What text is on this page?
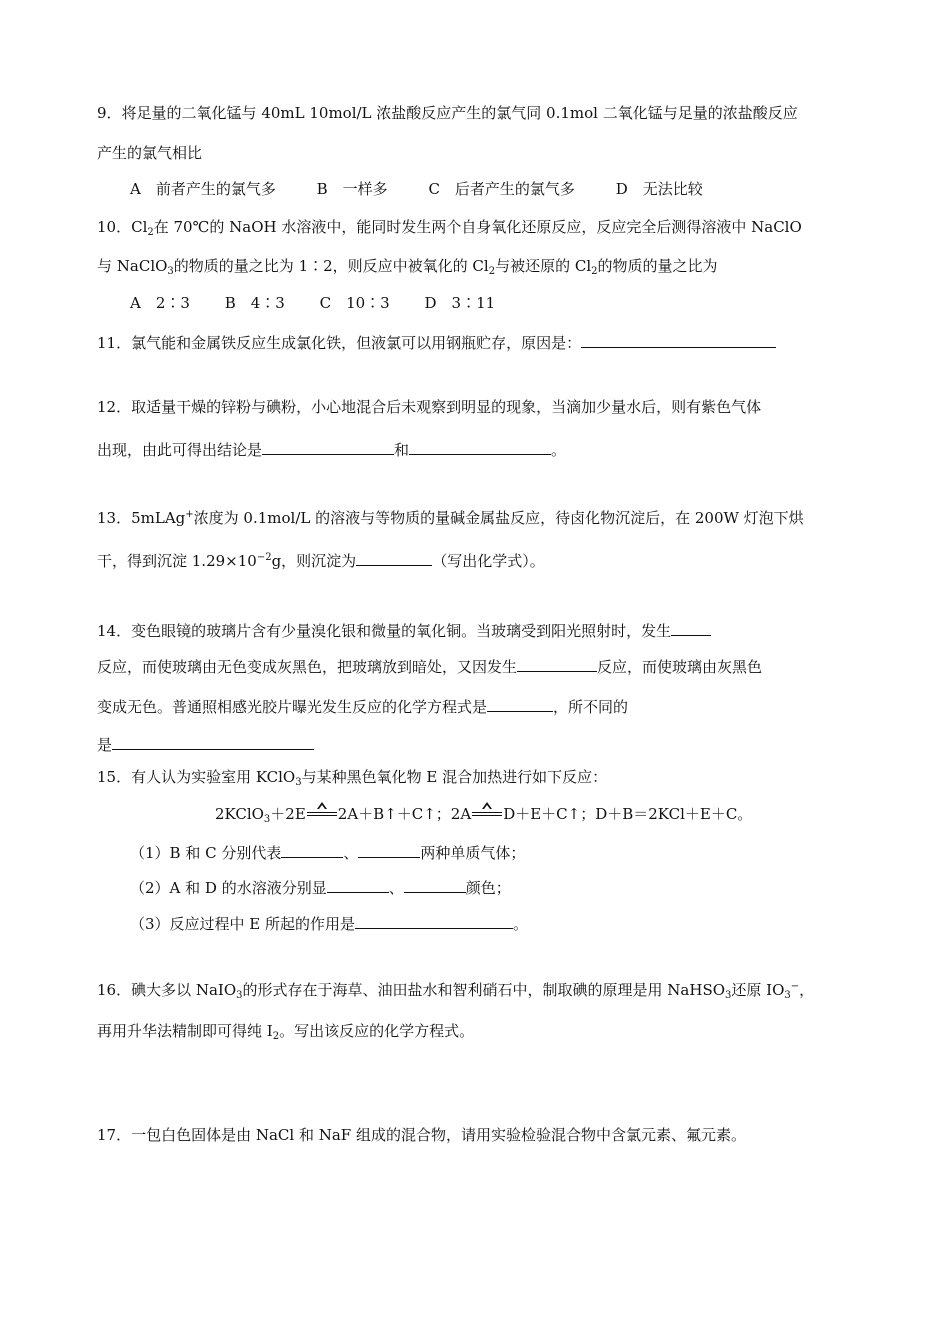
9．将足量的二氧化锰与 40mL 10mol/L 浓盐酸反应产生的氯气同 0.1mol 二氧化锰与足量的浓盐酸反应
产生的氯气相比
A　前者产生的氯气多	B　一样多	C　后者产生的氯气多	D　无法比较
10．$Cl_2$在 70℃的 NaOH 水溶液中，能同时发生两个自身氧化还原反应，反应完全后测得溶液中 NaClO
与 NaClO$_3$的物质的量之比为 1∶2，则反应中被氧化的 $Cl_2$与被还原的 $Cl_2$的物质的量之比为
A　2∶3 B　4∶3 C　10∶3 D　3∶11
11．氯气能和金属铁反应生成氯化铁，但液氯可以用钢瓶贮存，原因是：
12．取适量干燥的锌粉与碘粉，小心地混合后未观察到明显的现象，当滴加少量水后，则有紫色气体
出现，由此可得出结论是	和	。
13．5mLAg+浓度为 0.1mol/L 的溶液与等物质的量碱金属盐反应，待卤化物沉淀后，在 200W 灯泡下烘
干，得到沉淀 $1.29\times 10^{-2}g$，则沉淀为	（写出化学式）。
14．变色眼镜的玻璃片含有少量溴化银和微量的氧化铜。当玻璃受到阳光照射时，发生
反应，而使玻璃由无色变成灰黑色，把玻璃放到暗处，又因发生	反应，而使玻璃由灰黑色
变成无色。普通照相感光胶片曝光发生反应的化学方程式是	，所不同的
是
15．有人认为实验室用 KClO$_3$与某种黑色氧化物 E 混合加热进行如下反应：
2KClO$_3$＋2E 2A＋B↑＋C↑；2A D＋E＋C↑；D＋B＝2KCl＋E＋C。
（1）B 和 C 分别代表	、	两种单质气体；
（2）A 和 D 的水溶液分别显	、	颜色；
（3）反应过程中 E 所起的作用是	。
16．碘大多以 NaIO$_3$的形式存在于海草、油田盐水和智利硝石中，制取碘的原理是用 NaHSO$_3$还原 $IO_3^-$，
再用升华法精制即可得纯 $I_2$。写出该反应的化学方程式。
17．一包白色固体是由 NaCl 和 NaF 组成的混合物，请用实验检验混合物中含氯元素、氟元素。
